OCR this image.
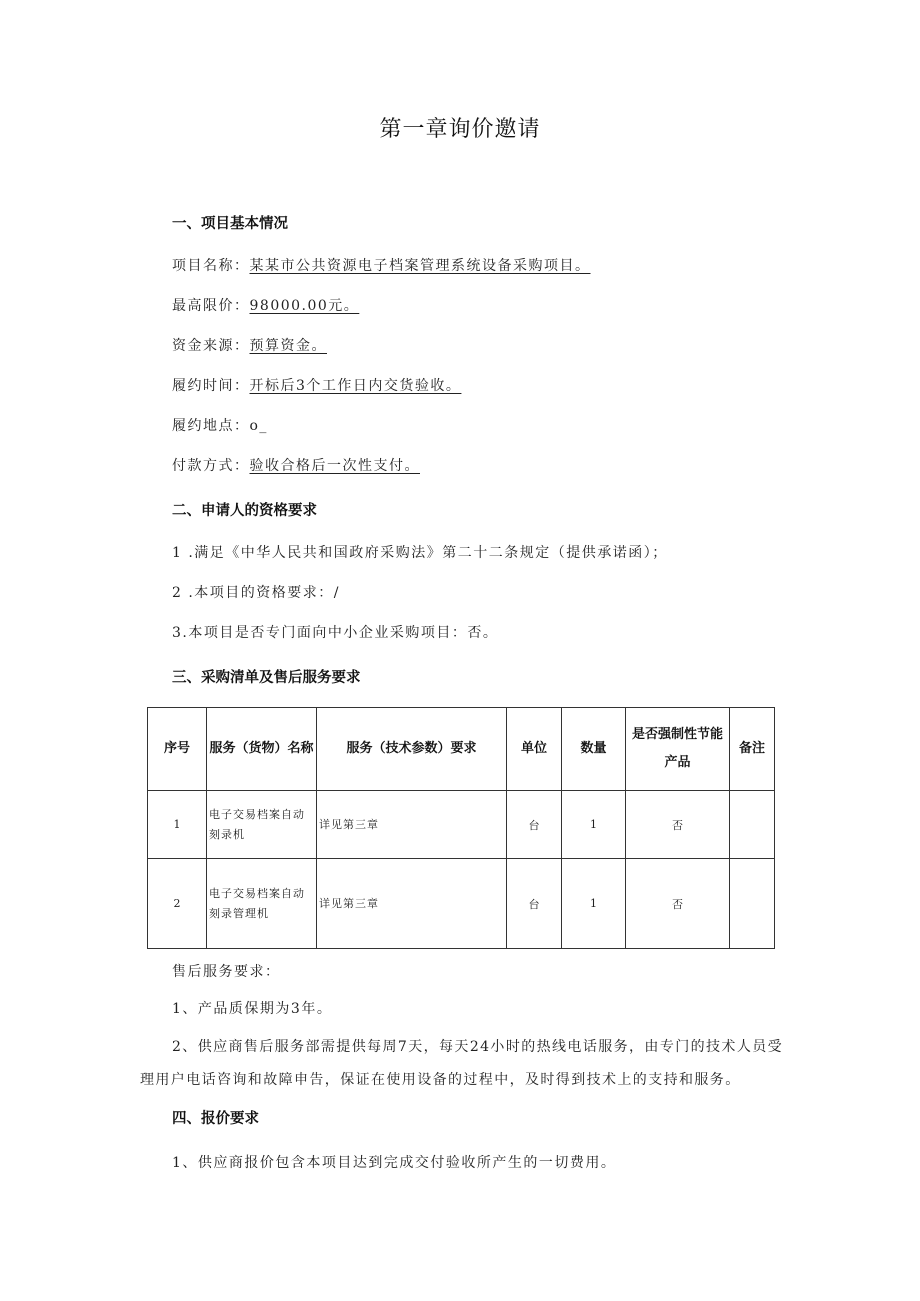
第一章询价邀请
一、项目基本情况
项目名称：某某市公共资源电子档案管理系统设备采购项目。
最高限价：98000.00元。
资金来源：预算资金。
履约时间：开标后3个工作日内交货验收。
履约地点：o_
付款方式：验收合格后一次性支付。
二、申请人的资格要求
1 .满足《中华人民共和国政府采购法》第二十二条规定（提供承诺函）；
2 .本项目的资格要求：/
3.本项目是否专门面向中小企业采购项目：否。
三、采购清单及售后服务要求
序号	服务（货物）名称	服务（技术参数）要求	单位	数量	是否强制性节能产品	备注
1	电子交易档案自动刻录机	详见第三章	台	1	否	
2	电子交易档案自动刻录管理机	详见第三章	台	1	否	
售后服务要求：
1、产品质保期为3年。
2、供应商售后服务部需提供每周7天，每天24小时的热线电话服务，由专门的技术人员受理用户电话咨询和故障申告，保证在使用设备的过程中，及时得到技术上的支持和服务。
四、报价要求
1、供应商报价包含本项目达到完成交付验收所产生的一切费用。
